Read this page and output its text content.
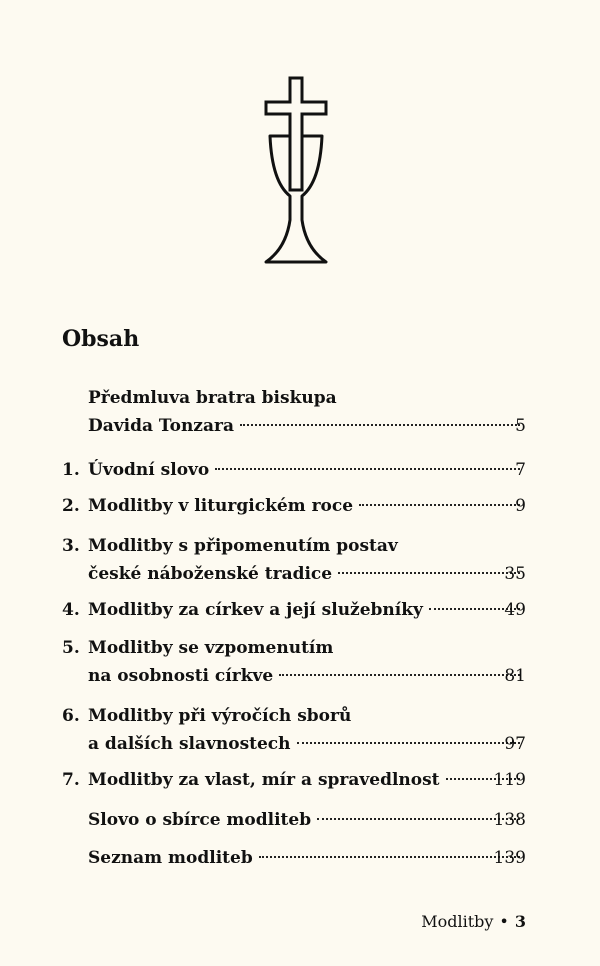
Obsah
Předmluva bratra biskupa
Davida Tonzara	5
1. Úvodní slovo	7
2. Modlitby v liturgickém roce	9
3. Modlitby s připomenutím postav
české náboženské tradice	35
4. Modlitby za církev a její služebníky	49
5. Modlitby se vzpomenutím
na osobnosti církve	81
6. Modlitby při výročích sborů
a dalších slavnostech	97
7. Modlitby za vlast, mír a spravedlnost	119
Slovo o sbírce modliteb	138
Seznam modliteb	139
Modlitby • 3
